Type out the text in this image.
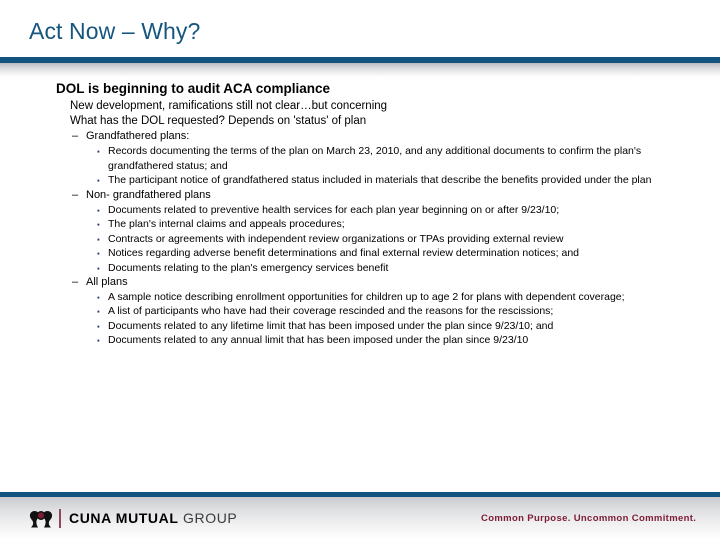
Act Now – Why?
DOL is beginning to audit ACA compliance
New development, ramifications still not clear…but concerning
What has the DOL requested? Depends on 'status' of plan
– Grandfathered plans:
▪ Records documenting the terms of the plan on March 23, 2010, and any additional documents to confirm the plan's grandfathered status; and
▪ The participant notice of grandfathered status included in materials that describe the benefits provided under the plan
– Non- grandfathered plans
▪ Documents related to preventive health services for each plan year beginning on or after 9/23/10;
▪ The plan's internal claims and appeals procedures;
▪ Contracts or agreements with independent review organizations or TPAs providing external review
▪ Notices regarding adverse benefit determinations and final external review determination notices; and
▪ Documents relating to the plan's emergency services benefit
– All plans
▪ A sample notice describing enrollment opportunities for children up to age 2 for plans with dependent coverage;
▪ A list of participants who have had their coverage rescinded and the reasons for the rescissions;
▪ Documents related to any lifetime limit that has been imposed under the plan since 9/23/10; and
▪ Documents related to any annual limit that has been imposed under the plan since 9/23/10
CUNA MUTUAL GROUP	Common Purpose. Uncommon Commitment.
